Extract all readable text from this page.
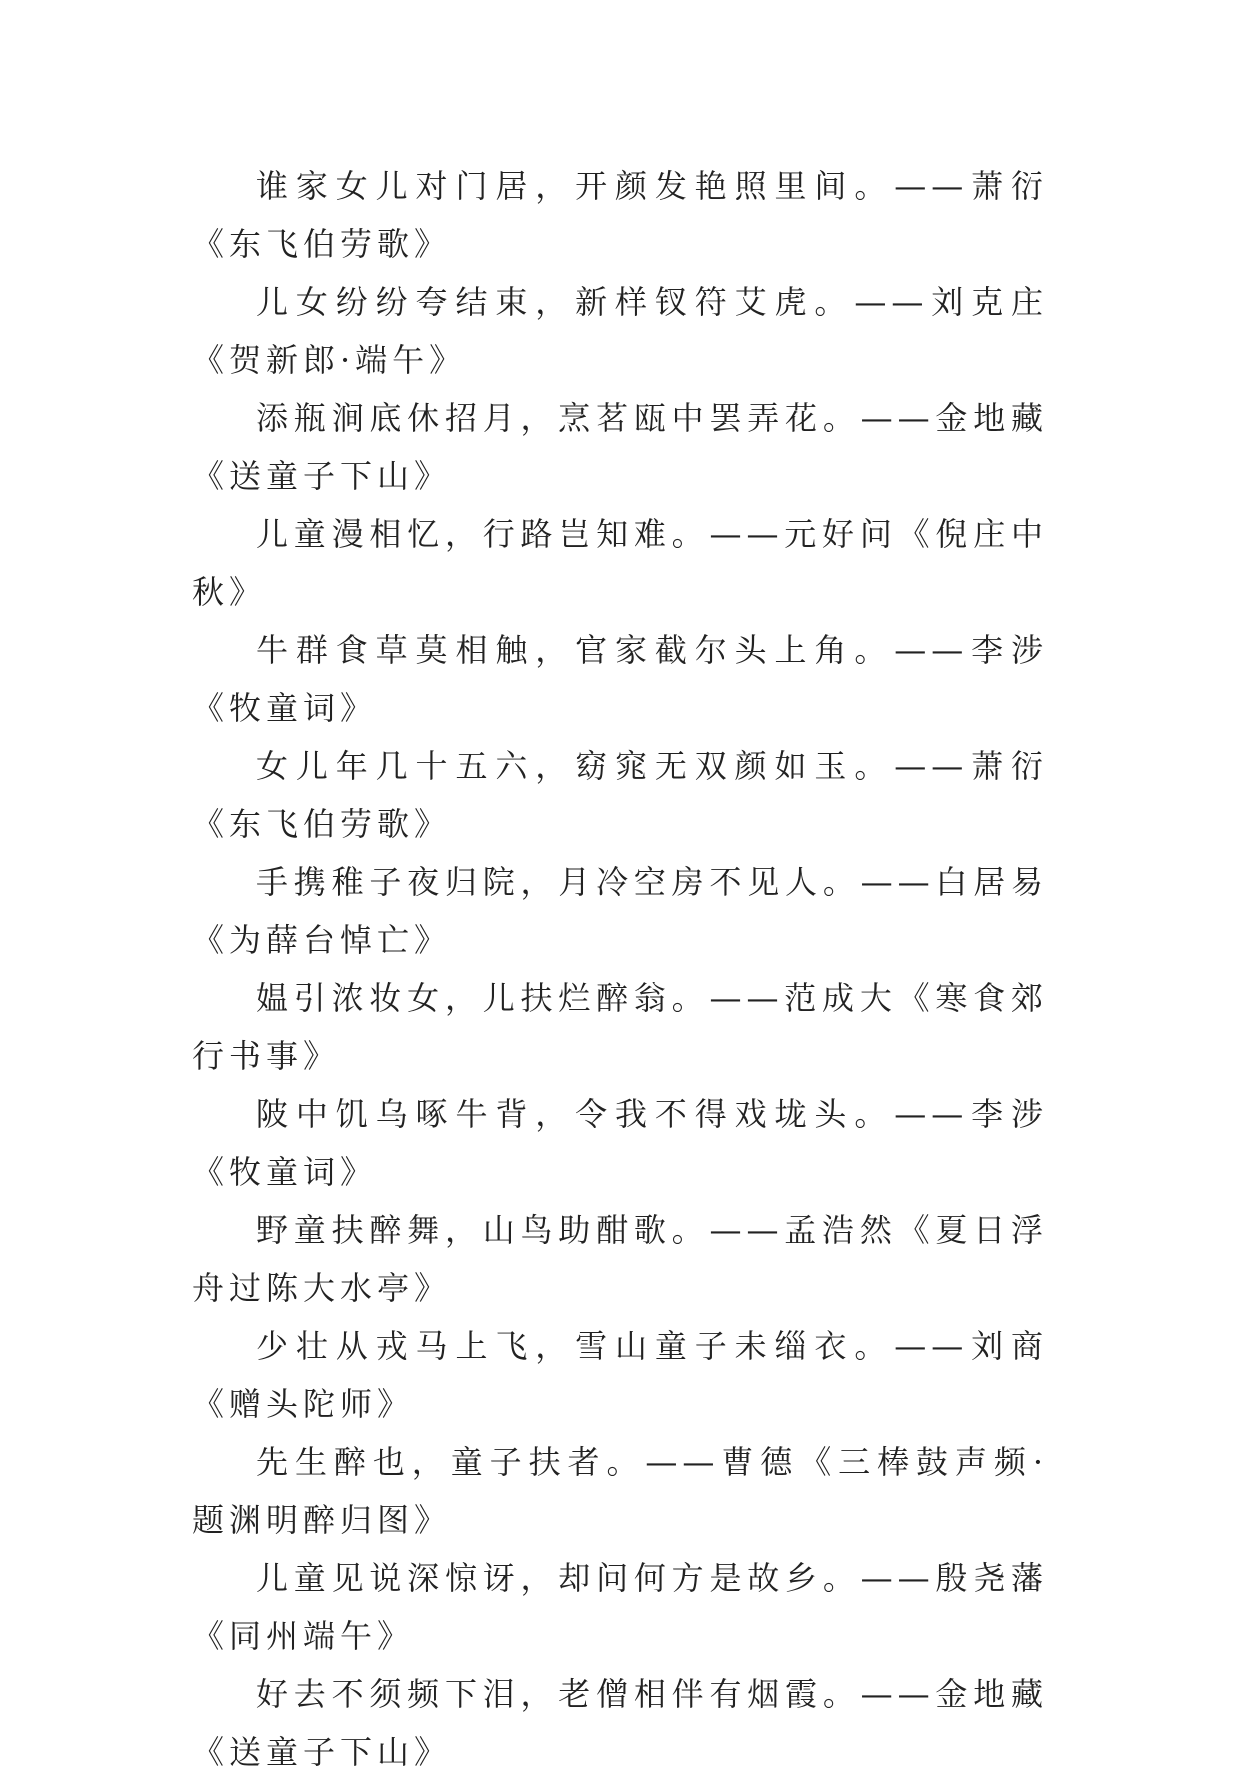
谁家女儿对门居，开颜发艳照里间。——萧衍《东飞伯劳歌》

儿女纷纷夸结束，新样钗符艾虎。——刘克庄《贺新郎·端午》

添瓶涧底休招月，烹茗瓯中罢弄花。——金地藏《送童子下山》

儿童漫相忆，行路岂知难。——元好问《倪庄中秋》

牛群食草莫相触，官家截尔头上角。——李涉《牧童词》

女儿年几十五六，窈窕无双颜如玉。——萧衍《东飞伯劳歌》

手携稚子夜归院，月冷空房不见人。——白居易《为薛台悼亡》

媪引浓妆女，儿扶烂醉翁。——范成大《寒食郊行书事》

陂中饥乌啄牛背，令我不得戏垅头。——李涉《牧童词》

野童扶醉舞，山鸟助酣歌。——孟浩然《夏日浮舟过陈大水亭》

少壮从戎马上飞，雪山童子未缁衣。——刘商《赠头陀师》

先生醉也，童子扶者。——曹德《三棒鼓声频·题渊明醉归图》

儿童见说深惊讶，却问何方是故乡。——殷尧藩《同州端午》

好去不须频下泪，老僧相伴有烟霞。——金地藏《送童子下山》
